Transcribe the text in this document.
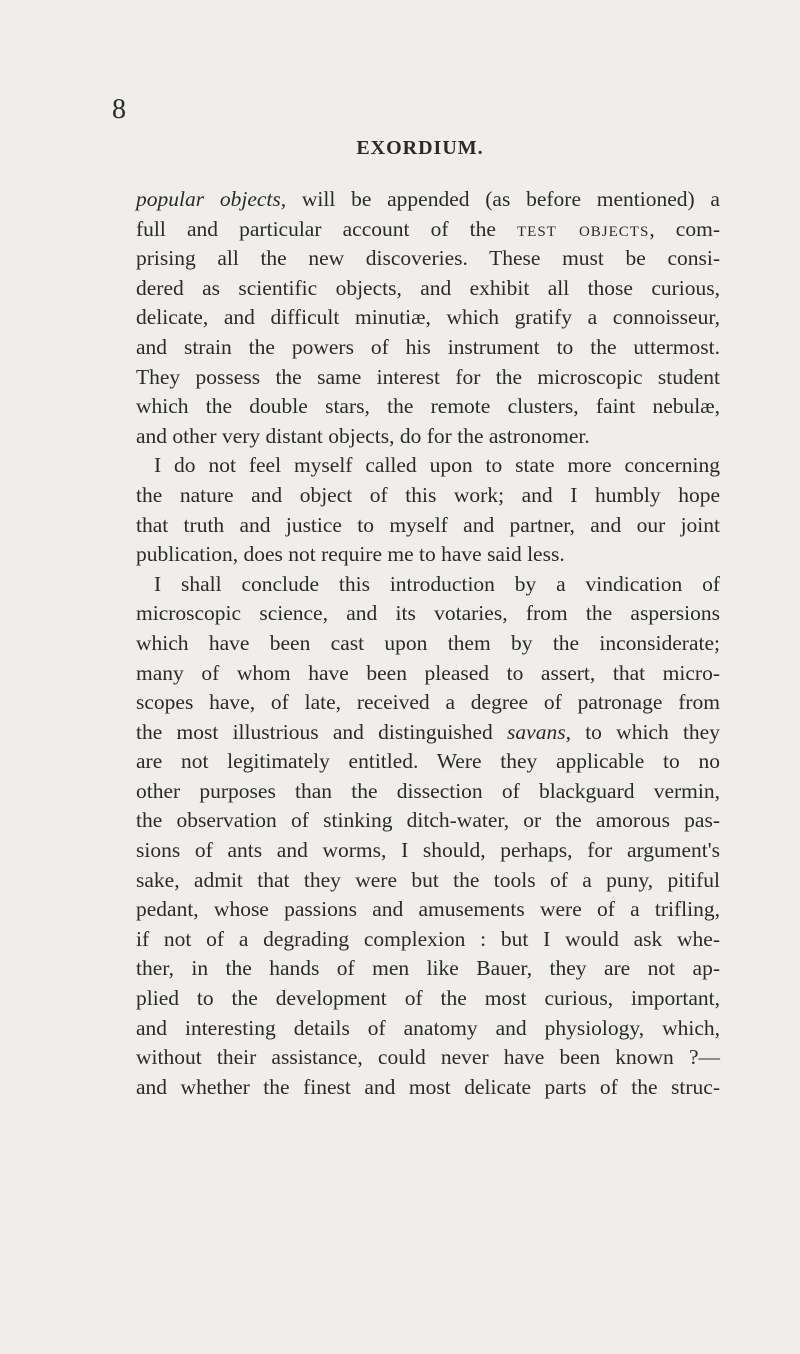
8
EXORDIUM.
popular objects, will be appended (as before mentioned) a
full and particular account of the test objects, com-
prising all the new discoveries. These must be consi-
dered as scientific objects, and exhibit all those curious,
delicate, and difficult minutiæ, which gratify a connoisseur,
and strain the powers of his instrument to the uttermost.
They possess the same interest for the microscopic student
which the double stars, the remote clusters, faint nebulæ,
and other very distant objects, do for the astronomer.
I do not feel myself called upon to state more concerning
the nature and object of this work; and I humbly hope
that truth and justice to myself and partner, and our joint
publication, does not require me to have said less.
I shall conclude this introduction by a vindication of
microscopic science, and its votaries, from the aspersions
which have been cast upon them by the inconsiderate;
many of whom have been pleased to assert, that micro-
scopes have, of late, received a degree of patronage from
the most illustrious and distinguished savans, to which they
are not legitimately entitled. Were they applicable to no
other purposes than the dissection of blackguard vermin,
the observation of stinking ditch-water, or the amorous pas-
sions of ants and worms, I should, perhaps, for argument's
sake, admit that they were but the tools of a puny, pitiful
pedant, whose passions and amusements were of a trifling,
if not of a degrading complexion : but I would ask whe-
ther, in the hands of men like Bauer, they are not ap-
plied to the development of the most curious, important,
and interesting details of anatomy and physiology, which,
without their assistance, could never have been known ?—
and whether the finest and most delicate parts of the struc-
